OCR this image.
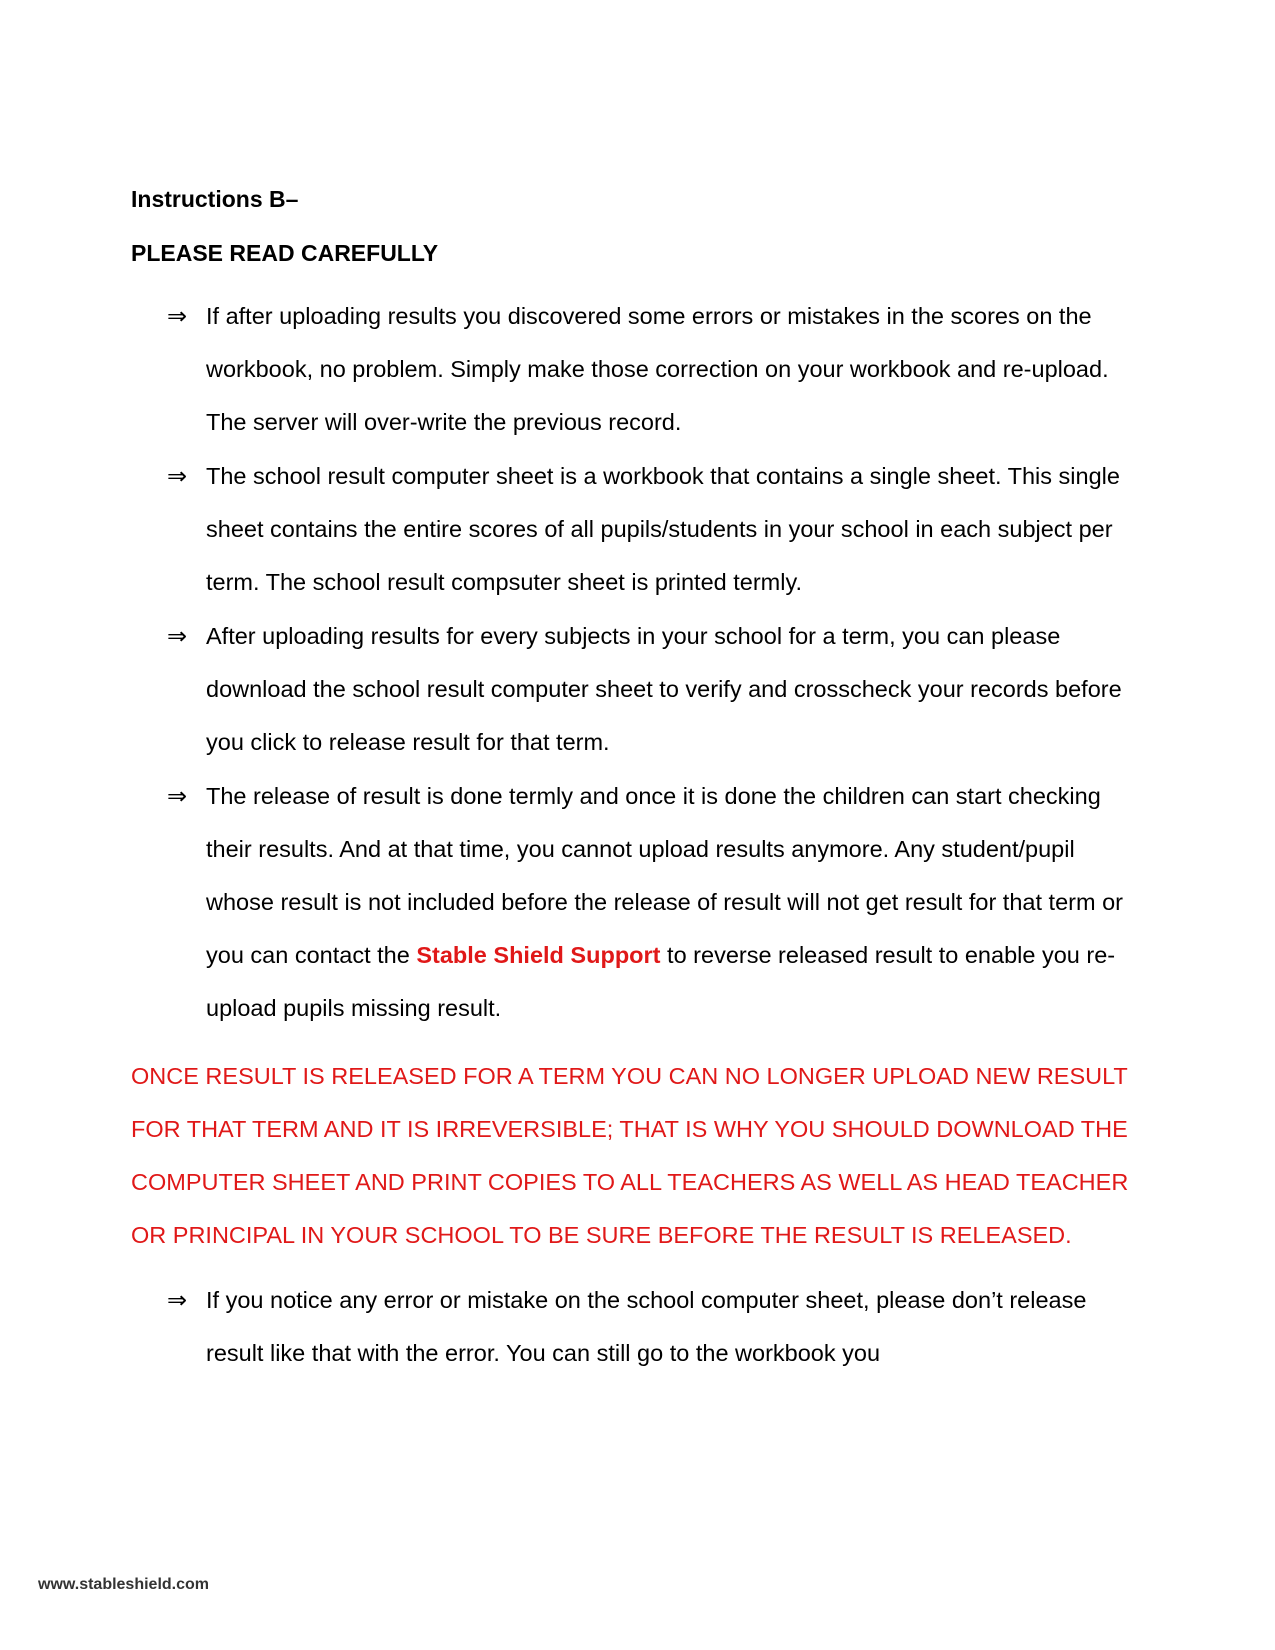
Instructions B–
PLEASE READ CAREFULLY
⇒ If after uploading results you discovered some errors or mistakes in the scores on the workbook, no problem. Simply make those correction on your workbook and re-upload. The server will over-write the previous record.
⇒ The school result computer sheet is a workbook that contains a single sheet. This single sheet contains the entire scores of all pupils/students in your school in each subject per term. The school result compsuter sheet is printed termly.
⇒ After uploading results for every subjects in your school for a term, you can please download the school result computer sheet to verify and crosscheck your records before you click to release result for that term.
⇒ The release of result is done termly and once it is done the children can start checking their results. And at that time, you cannot upload results anymore. Any student/pupil whose result is not included before the release of result will not get result for that term or you can contact the Stable Shield Support to reverse released result to enable you re-upload pupils missing result.
ONCE RESULT IS RELEASED FOR A TERM YOU CAN NO LONGER UPLOAD NEW RESULT FOR THAT TERM AND IT IS IRREVERSIBLE; THAT IS WHY YOU SHOULD DOWNLOAD THE COMPUTER SHEET AND PRINT COPIES TO ALL TEACHERS AS WELL AS HEAD TEACHER OR PRINCIPAL IN YOUR SCHOOL TO BE SURE BEFORE THE RESULT IS RELEASED.
⇒ If you notice any error or mistake on the school computer sheet, please don’t release result like that with the error. You can still go to the workbook you
www.stableshield.com
